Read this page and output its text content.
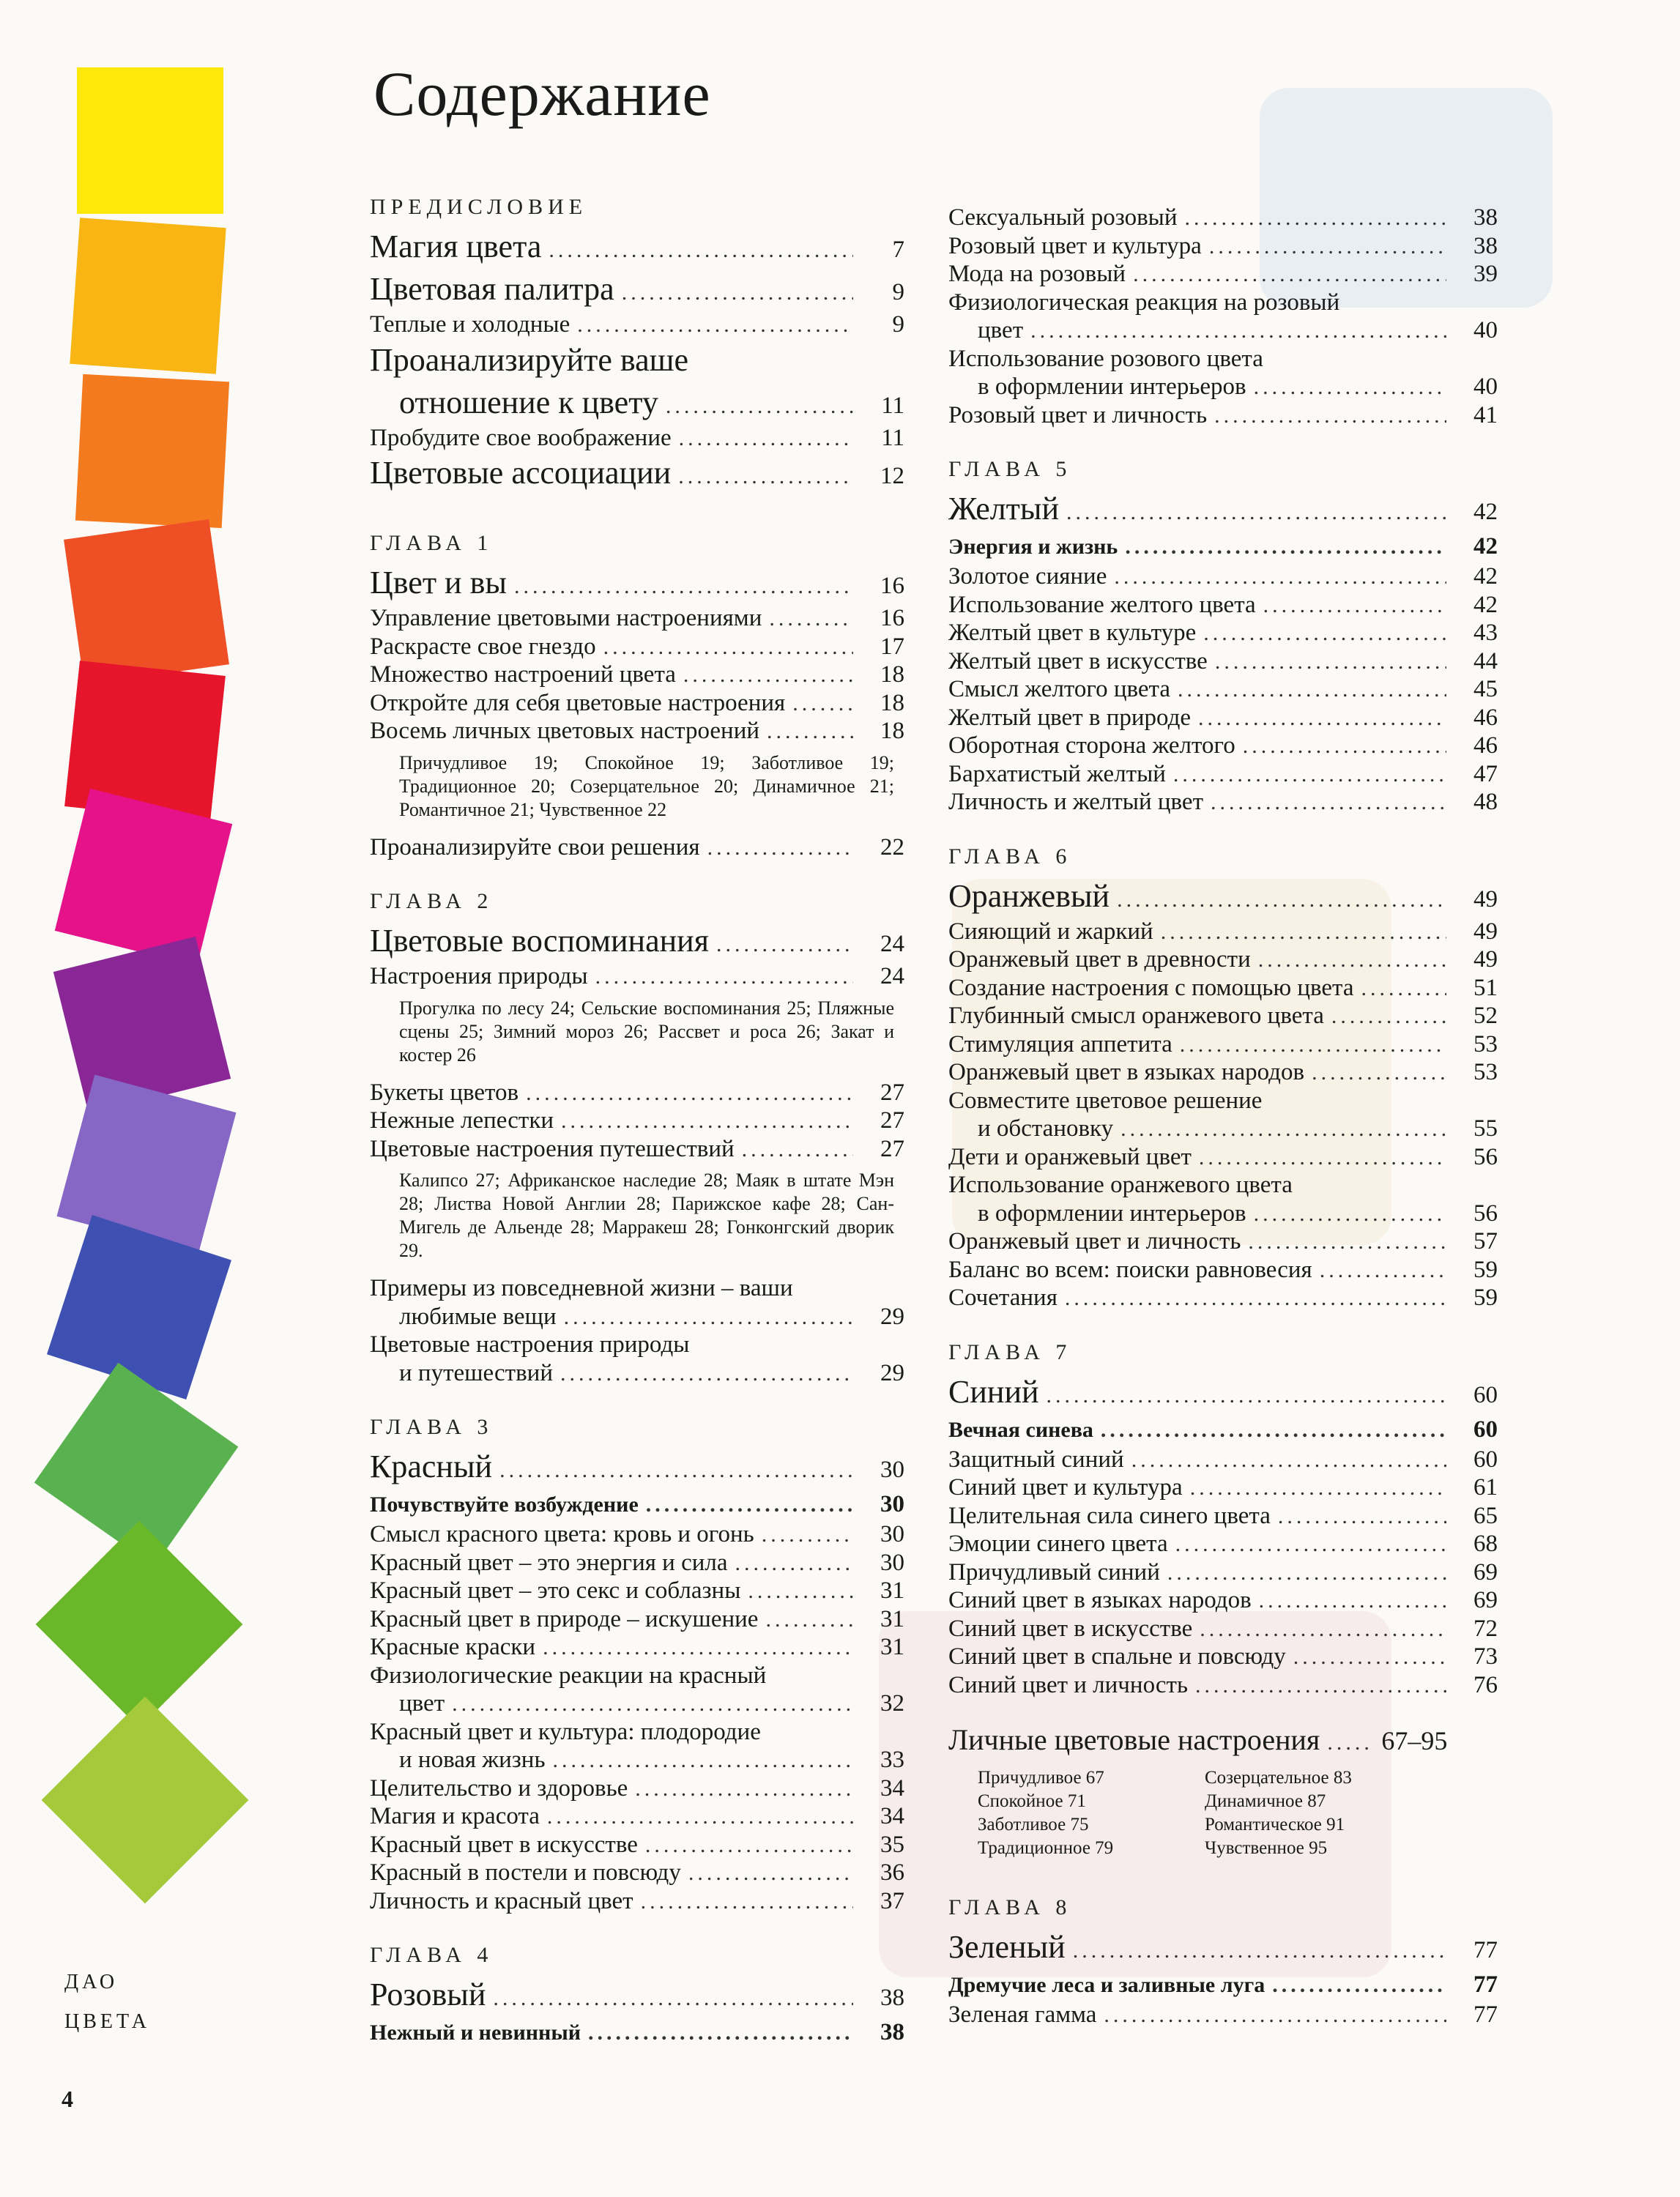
Содержание
ПРЕДИСЛОВИЕ
Магия цвета .....	7
Цветовая палитра .....	9
Теплые и холодные .....	9
Проанализируйте ваше
отношение к цвету .....	11
Пробудите свое воображение .....	11
Цветовые ассоциации .....	12
ГЛАВА 1
Цвет и вы .....	16
Управление цветовыми настроениями .....	16
Раскрасте свое гнездо .....	17
Множество настроений цвета .....	18
Откройте для себя цветовые настроения .....	18
Восемь личных цветовых настроений .....	18
Причудливое 19; Спокойное 19; Заботливое 19; Традиционное 20; Созерцательное 20; Динамичное 21; Романтичное 21; Чувственное 22
Проанализируйте свои решения .....	22
ГЛАВА 2
Цветовые воспоминания .....	24
Настроения природы .....	24
Прогулка по лесу 24; Сельские воспоминания 25; Пляжные сцены 25; Зимний мороз 26; Рассвет и роса 26; Закат и костер 26
Букеты цветов .....	27
Нежные лепестки .....	27
Цветовые настроения путешествий .....	27
Калипсо 27; Африканское наследие 28; Маяк в штате Мэн 28; Листва Новой Англии 28; Парижское кафе 28; Сан-Мигель де Альенде 28; Марракеш 28; Гонконгский дворик 29.
Примеры из повседневной жизни – ваши
любимые вещи .....	29
Цветовые настроения природы
и путешествий .....	29
ГЛАВА 3
Красный .....	30
Почувствуйте возбуждение .....	30
Смысл красного цвета: кровь и огонь .....	30
Красный цвет – это энергия и сила .....	30
Красный цвет – это секс и соблазны .....	31
Красный цвет в природе – искушение .....	31
Красные краски .....	31
Физиологические реакции на красный
цвет .....	32
Красный цвет и культура: плодородие
и новая жизнь .....	33
Целительство и здоровье .....	34
Магия и красота .....	34
Красный цвет в искусстве .....	35
Красный в постели и повсюду .....	36
Личность и красный цвет .....	37
ГЛАВА 4
Розовый .....	38
Нежный и невинный .....	38
Сексуальный розовый .....	38
Розовый цвет и культура .....	38
Мода на розовый .....	39
Физиологическая реакция на розовый
цвет .....	40
Использование розового цвета
в оформлении интерьеров .....	40
Розовый цвет и личность .....	41
ГЛАВА 5
Желтый .....	42
Энергия и жизнь .....	42
Золотое сияние .....	42
Использование желтого цвета .....	42
Желтый цвет в культуре .....	43
Желтый цвет в искусстве .....	44
Смысл желтого цвета .....	45
Желтый цвет в природе .....	46
Оборотная сторона желтого .....	46
Бархатистый желтый .....	47
Личность и желтый цвет .....	48
ГЛАВА 6
Оранжевый .....	49
Сияющий и жаркий .....	49
Оранжевый цвет в древности .....	49
Создание настроения с помощью цвета .....	51
Глубинный смысл оранжевого цвета .....	52
Стимуляция аппетита .....	53
Оранжевый цвет в языках народов .....	53
Совместите цветовое решение
и обстановку .....	55
Дети и оранжевый цвет .....	56
Использование оранжевого цвета
в оформлении интерьеров .....	56
Оранжевый цвет и личность .....	57
Баланс во всем: поиски равновесия .....	59
Сочетания .....	59
ГЛАВА 7
Синий .....	60
Вечная синева .....	60
Защитный синий .....	60
Синий цвет и культура .....	61
Целительная сила синего цвета .....	65
Эмоции синего цвета .....	68
Причудливый синий .....	69
Синий цвет в языках народов .....	69
Синий цвет в искусстве .....	72
Синий цвет в спальне и повсюду .....	73
Синий цвет и личность .....	76
Личные цветовые настроения .....	67–95
Причудливое 67	Созерцательное 83
Спокойное 71	Динамичное 87
Заботливое 75	Романтическое 91
Традиционное 79	Чувственное 95
ГЛАВА 8
Зеленый .....	77
Дремучие леса и заливные луга .....	77
Зеленая гамма .....	77
ДАО
ЦВЕТА
4
